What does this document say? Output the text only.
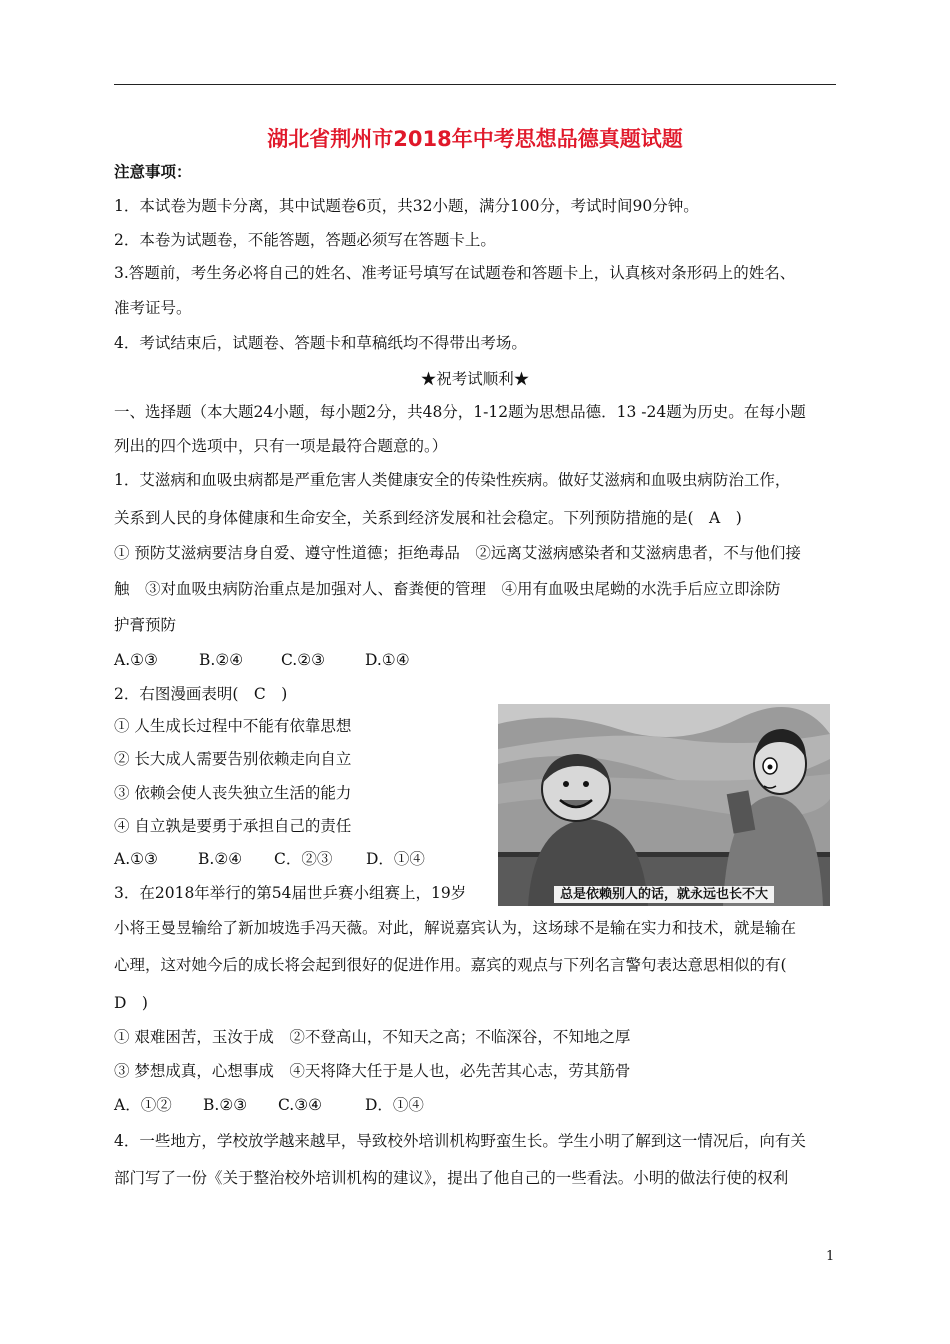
湖北省荆州市2018年中考思想品德真题试题
注意事项：
1．本试卷为题卡分离，其中试题卷6页，共32小题，满分100分，考试时间90分钟。
2．本卷为试题卷，不能答题，答题必须写在答题卡上。
3.答题前，考生务必将自己的姓名、准考证号填写在试题卷和答题卡上，认真核对条形码上的姓名、
准考证号。
4．考试结束后，试题卷、答题卡和草稿纸均不得带出考场。
★祝考试顺利★
一、选择题（本大题24小题，每小题2分，共48分，1-12题为思想品德．13 -24题为历史。在每小题
列出的四个选项中，只有一项是最符合题意的。）
1．艾滋病和血吸虫病都是严重危害人类健康安全的传染性疾病。做好艾滋病和血吸虫病防治工作，
关系到人民的身体健康和生命安全，关系到经济发展和社会稳定。下列预防措施的是(　A　)
① 预防艾滋病要洁身自爱、遵守性道德；拒绝毒品　②远离艾滋病感染者和艾滋病患者，不与他们接
触　③对血吸虫病防治重点是加强对人、畜粪便的管理　④用有血吸虫尾蚴的水洗手后应立即涂防
护膏预防
A.①③	B.②④ C.②③	D.①④
2．右图漫画表明(　C　)
① 人生成长过程中不能有依靠思想
② 长大成人需要告别依赖走向自立
③ 依赖会使人丧失独立生活的能力
④ 自立孰是要勇于承担自己的责任
A.①③	B.②④ C．②③ D．①④
总是依赖别人的话，就永远也长不大
3．在2018年举行的第54届世乒赛小组赛上，19岁
小将王曼昱输给了新加坡选手冯天薇。对此，解说嘉宾认为，这场球不是输在实力和技术，就是输在
心理，这对她今后的成长将会起到很好的促进作用。嘉宾的观点与下列名言警句表达意思相似的有(
D　)
① 艰难困苦，玉汝于成　②不登高山，不知天之高；不临深谷，不知地之厚
③ 梦想成真，心想事成　④天将降大任于是人也，必先苦其心志，劳其筋骨
A．①② B.②③ C.③④	D．①④
4．一些地方，学校放学越来越早，导致校外培训机构野蛮生长。学生小明了解到这一情况后，向有关
部门写了一份《关于整治校外培训机构的建议》，提出了他自己的一些看法。小明的做法行使的权利
1
